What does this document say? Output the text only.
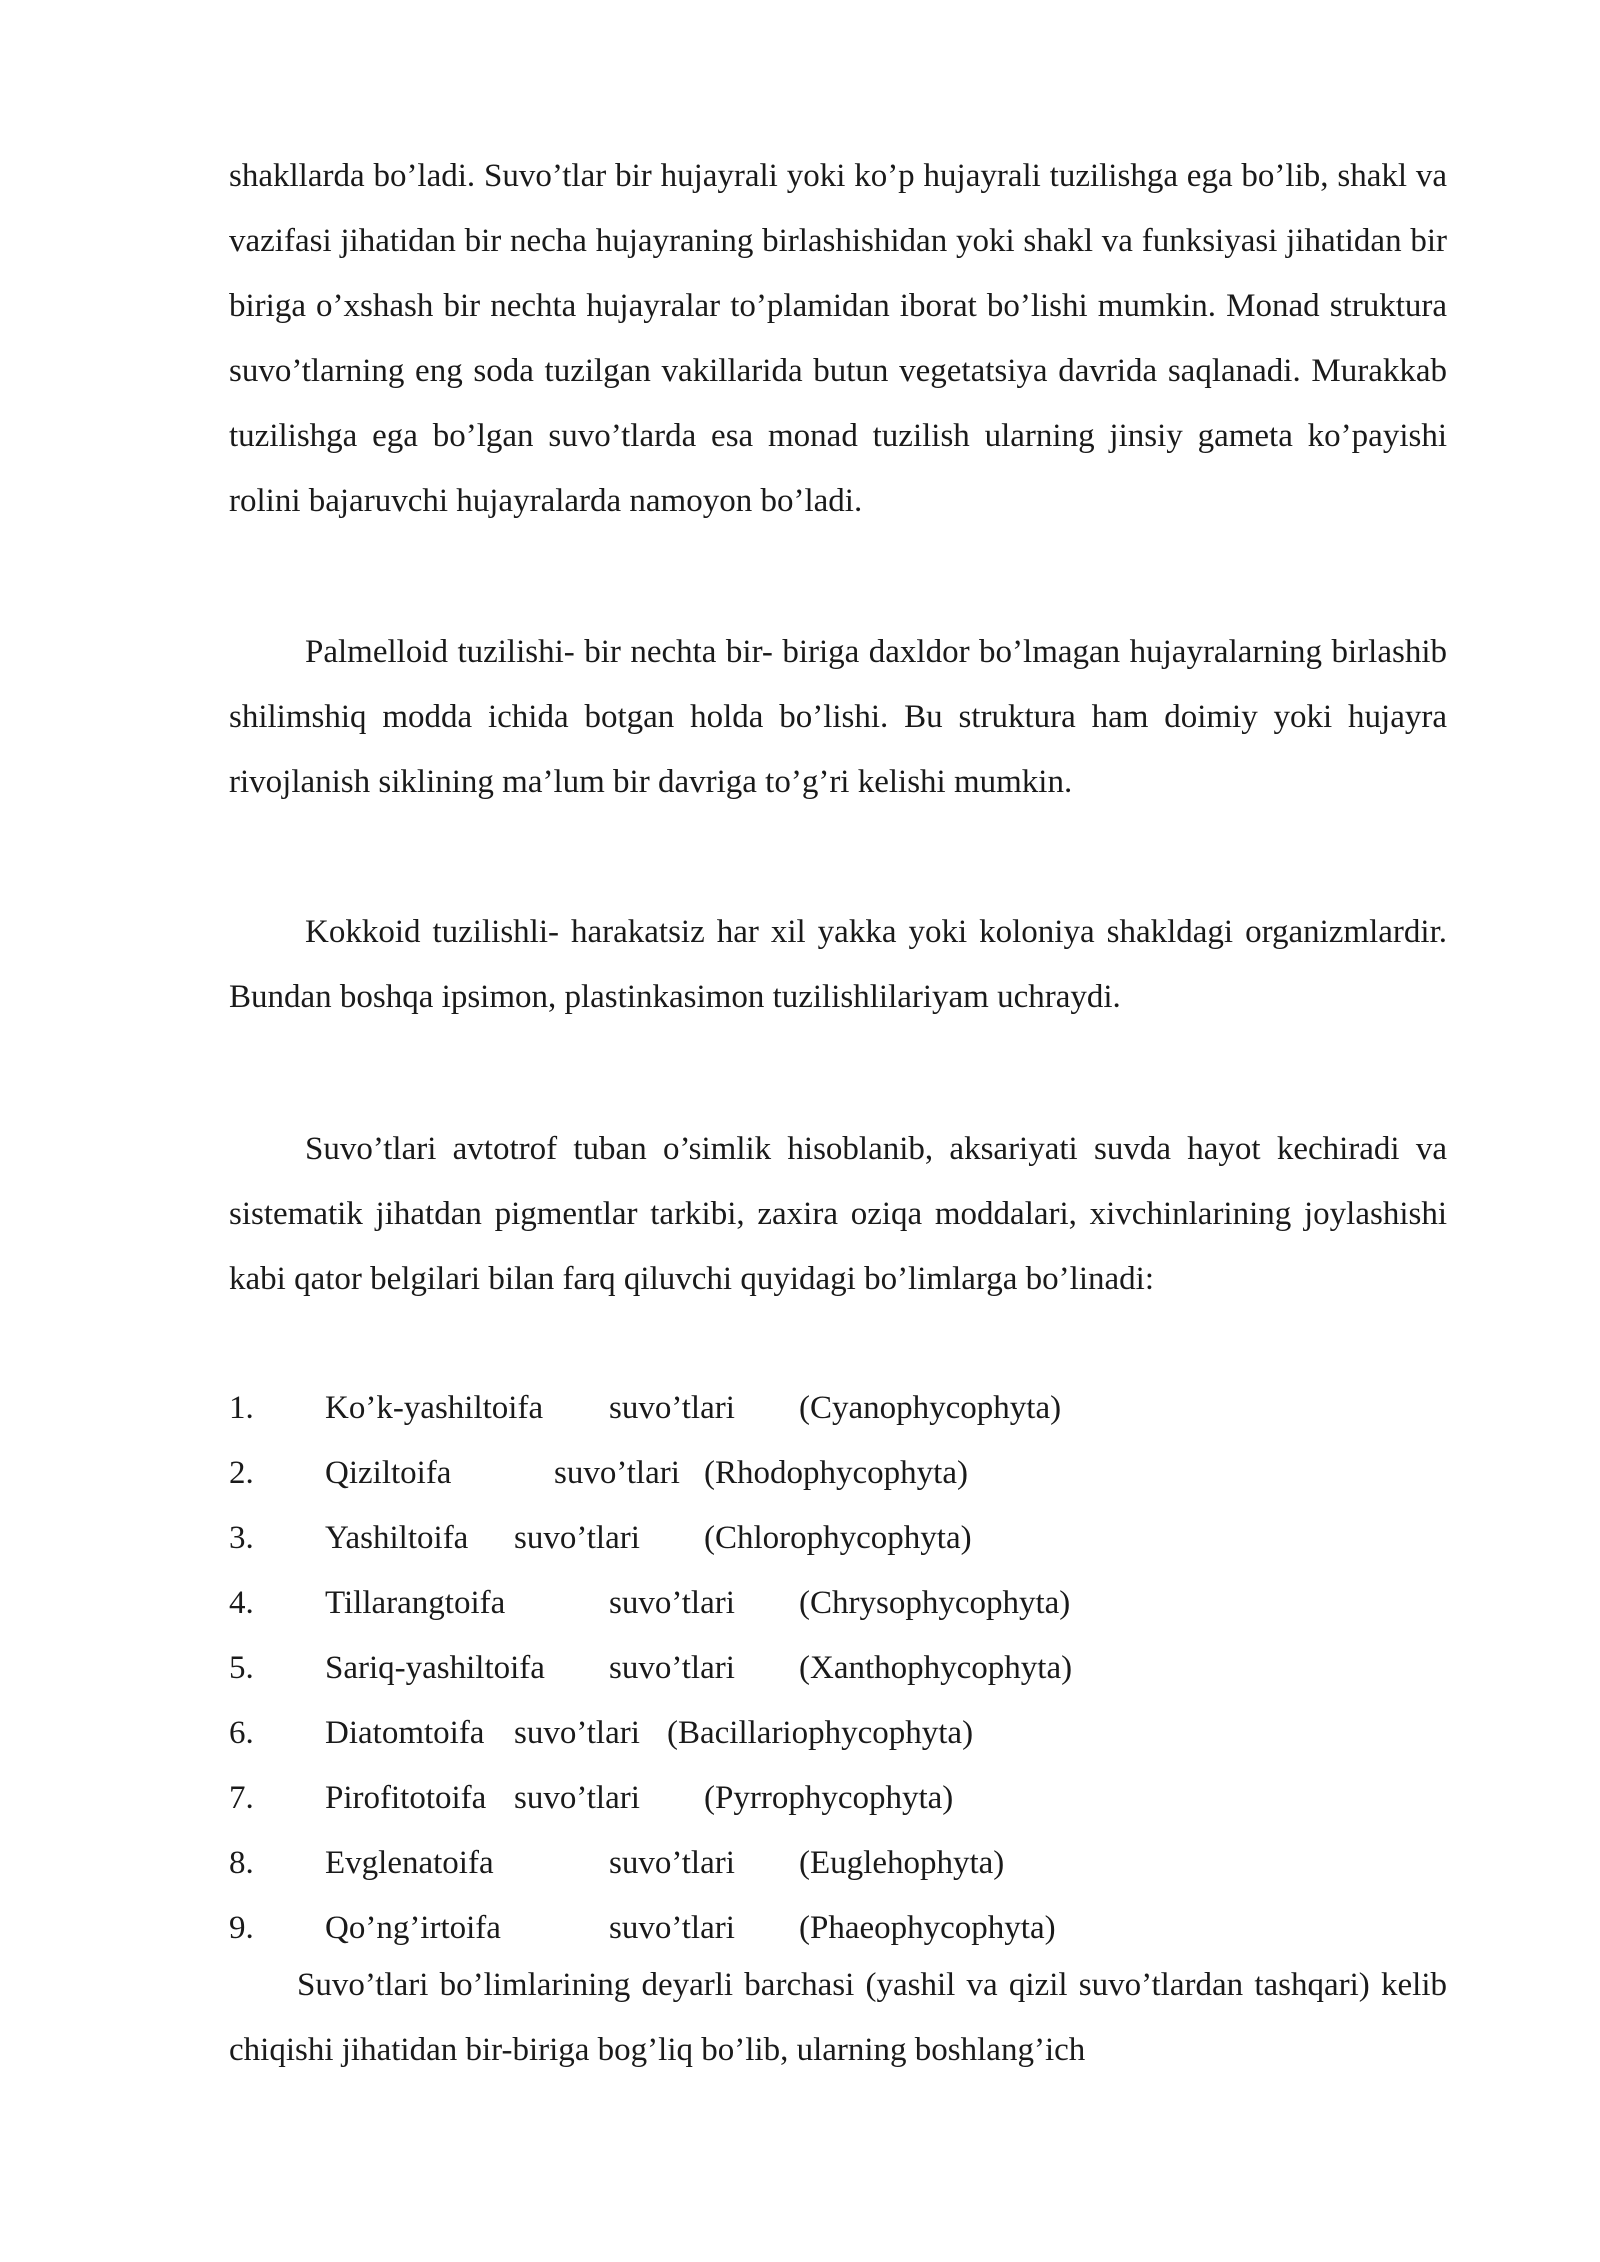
shakllarda bo’ladi. Suvo’tlar bir hujayrali yoki ko’p hujayrali tuzilishga ega bo’lib, shakl va vazifasi jihatidan bir necha hujayraning birlashishidan yoki shakl va funksiyasi jihatidan bir biriga o’xshash bir nechta hujayralar to’plamidan iborat bo’lishi mumkin. Monad struktura suvo’tlarning eng soda tuzilgan vakillarida butun vegetatsiya davrida saqlanadi. Murakkab tuzilishga ega bo’lgan suvo’tlarda esa monad tuzilish ularning jinsiy gameta ko’payishi rolini bajaruvchi hujayralarda namoyon bo’ladi.

Palmelloid tuzilishi- bir nechta bir- biriga daxldor bo’lmagan hujayralarning birlashib shilimshiq modda ichida botgan holda bo’lishi. Bu struktura ham doimiy yoki hujayra rivojlanish siklining ma’lum bir davriga to’g’ri kelishi mumkin.

Kokkoid tuzilishli- harakatsiz har xil yakka yoki koloniya shakldagi organizmlardir. Bundan boshqa ipsimon, plastinkasimon tuzilishlilariyam uchraydi.

Suvo’tlari avtotrof tuban o’simlik hisoblanib, aksariyati suvda hayot kechiradi va sistematik jihatdan pigmentlar tarkibi, zaxira oziqa moddalari, xivchinlarining joylashishi kabi qator belgilari bilan farq qiluvchi quyidagi bo’limlarga bo’linadi:

1. Ko’k-yashiltoifa suvo’tlari (Cyanophycophyta)
2. Qiziltoifa	suvo’tlari (Rhodophycophyta)
3. Yashiltoifa suvo’tlari (Chlorophycophyta)
4. Tillarangtoifa	suvo’tlari (Chrysophycophyta)
5. Sariq-yashiltoifa suvo’tlari (Xanthophycophyta)
6. Diatomtoifa suvo’tlari (Bacillariophycophyta)
7. Pirofitotoifa suvo’tlari (Pyrrophycophyta)
8. Evglenatoifa	suvo’tlari (Euglehophyta)
9. Qo’ng’irtoifa	suvo’tlari (Phaeophycophyta)

Suvo’tlari bo’limlarining deyarli barchasi (yashil va qizil suvo’tlardan tashqari) kelib chiqishi jihatidan bir-biriga bog’liq bo’lib, ularning boshlang’ich
